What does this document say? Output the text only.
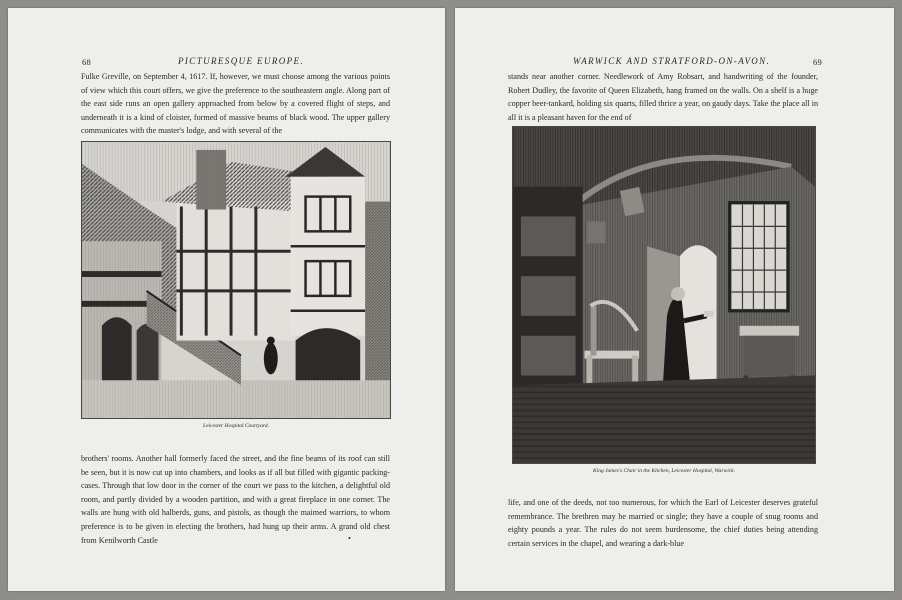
68	PICTURESQUE EUROPE.

Fulke Greville, on September 4, 1617. If, however, we must choose among the various points of view which this court offers, we give the preference to the southeastern angle. Along part of the east side runs an open gallery approached from below by a covered flight of steps, and underneath it is a kind of cloister, formed of massive beams of black wood. The upper gallery communicates with the master's lodge, and with several of the

Leicester Hospital Courtyard.

brothers' rooms. Another hall formerly faced the street, and the fine beams of its roof can still be seen, but it is now cut up into chambers, and looks as if all but filled with gigantic packing-cases. Through that low door in the corner of the court we pass to the kitchen, a delightful old room, and partly divided by a wooden partition, and with a great fireplace in one corner. The walls are hung with old halberds, guns, and pistols, as though the maimed warriors, to whom preference is to be given in electing the brothers, had hung up their arms. A grand old chest from Kenilworth Castle	•
WARWICK AND STRATFORD-ON-AVON.	69

stands near another corner. Needlework of Amy Robsart, and handwriting of the founder, Robert Dudley, the favorite of Queen Elizabeth, hang framed on the walls. On a shelf is a huge copper beer-tankard, holding six quarts, filled thrice a year, on gaudy days. Take the place all in all it is a pleasant haven for the end of

King James's Chair in the Kitchen, Leicester Hospital, Warwick.

life, and one of the deeds, not too numerous, for which the Earl of Leicester deserves grateful remembrance. The brethren may be married or single; they have a couple of snug rooms and eighty pounds a year. The rules do not seem burdensome, the chief duties being attending certain services in the chapel, and wearing a dark-blue
